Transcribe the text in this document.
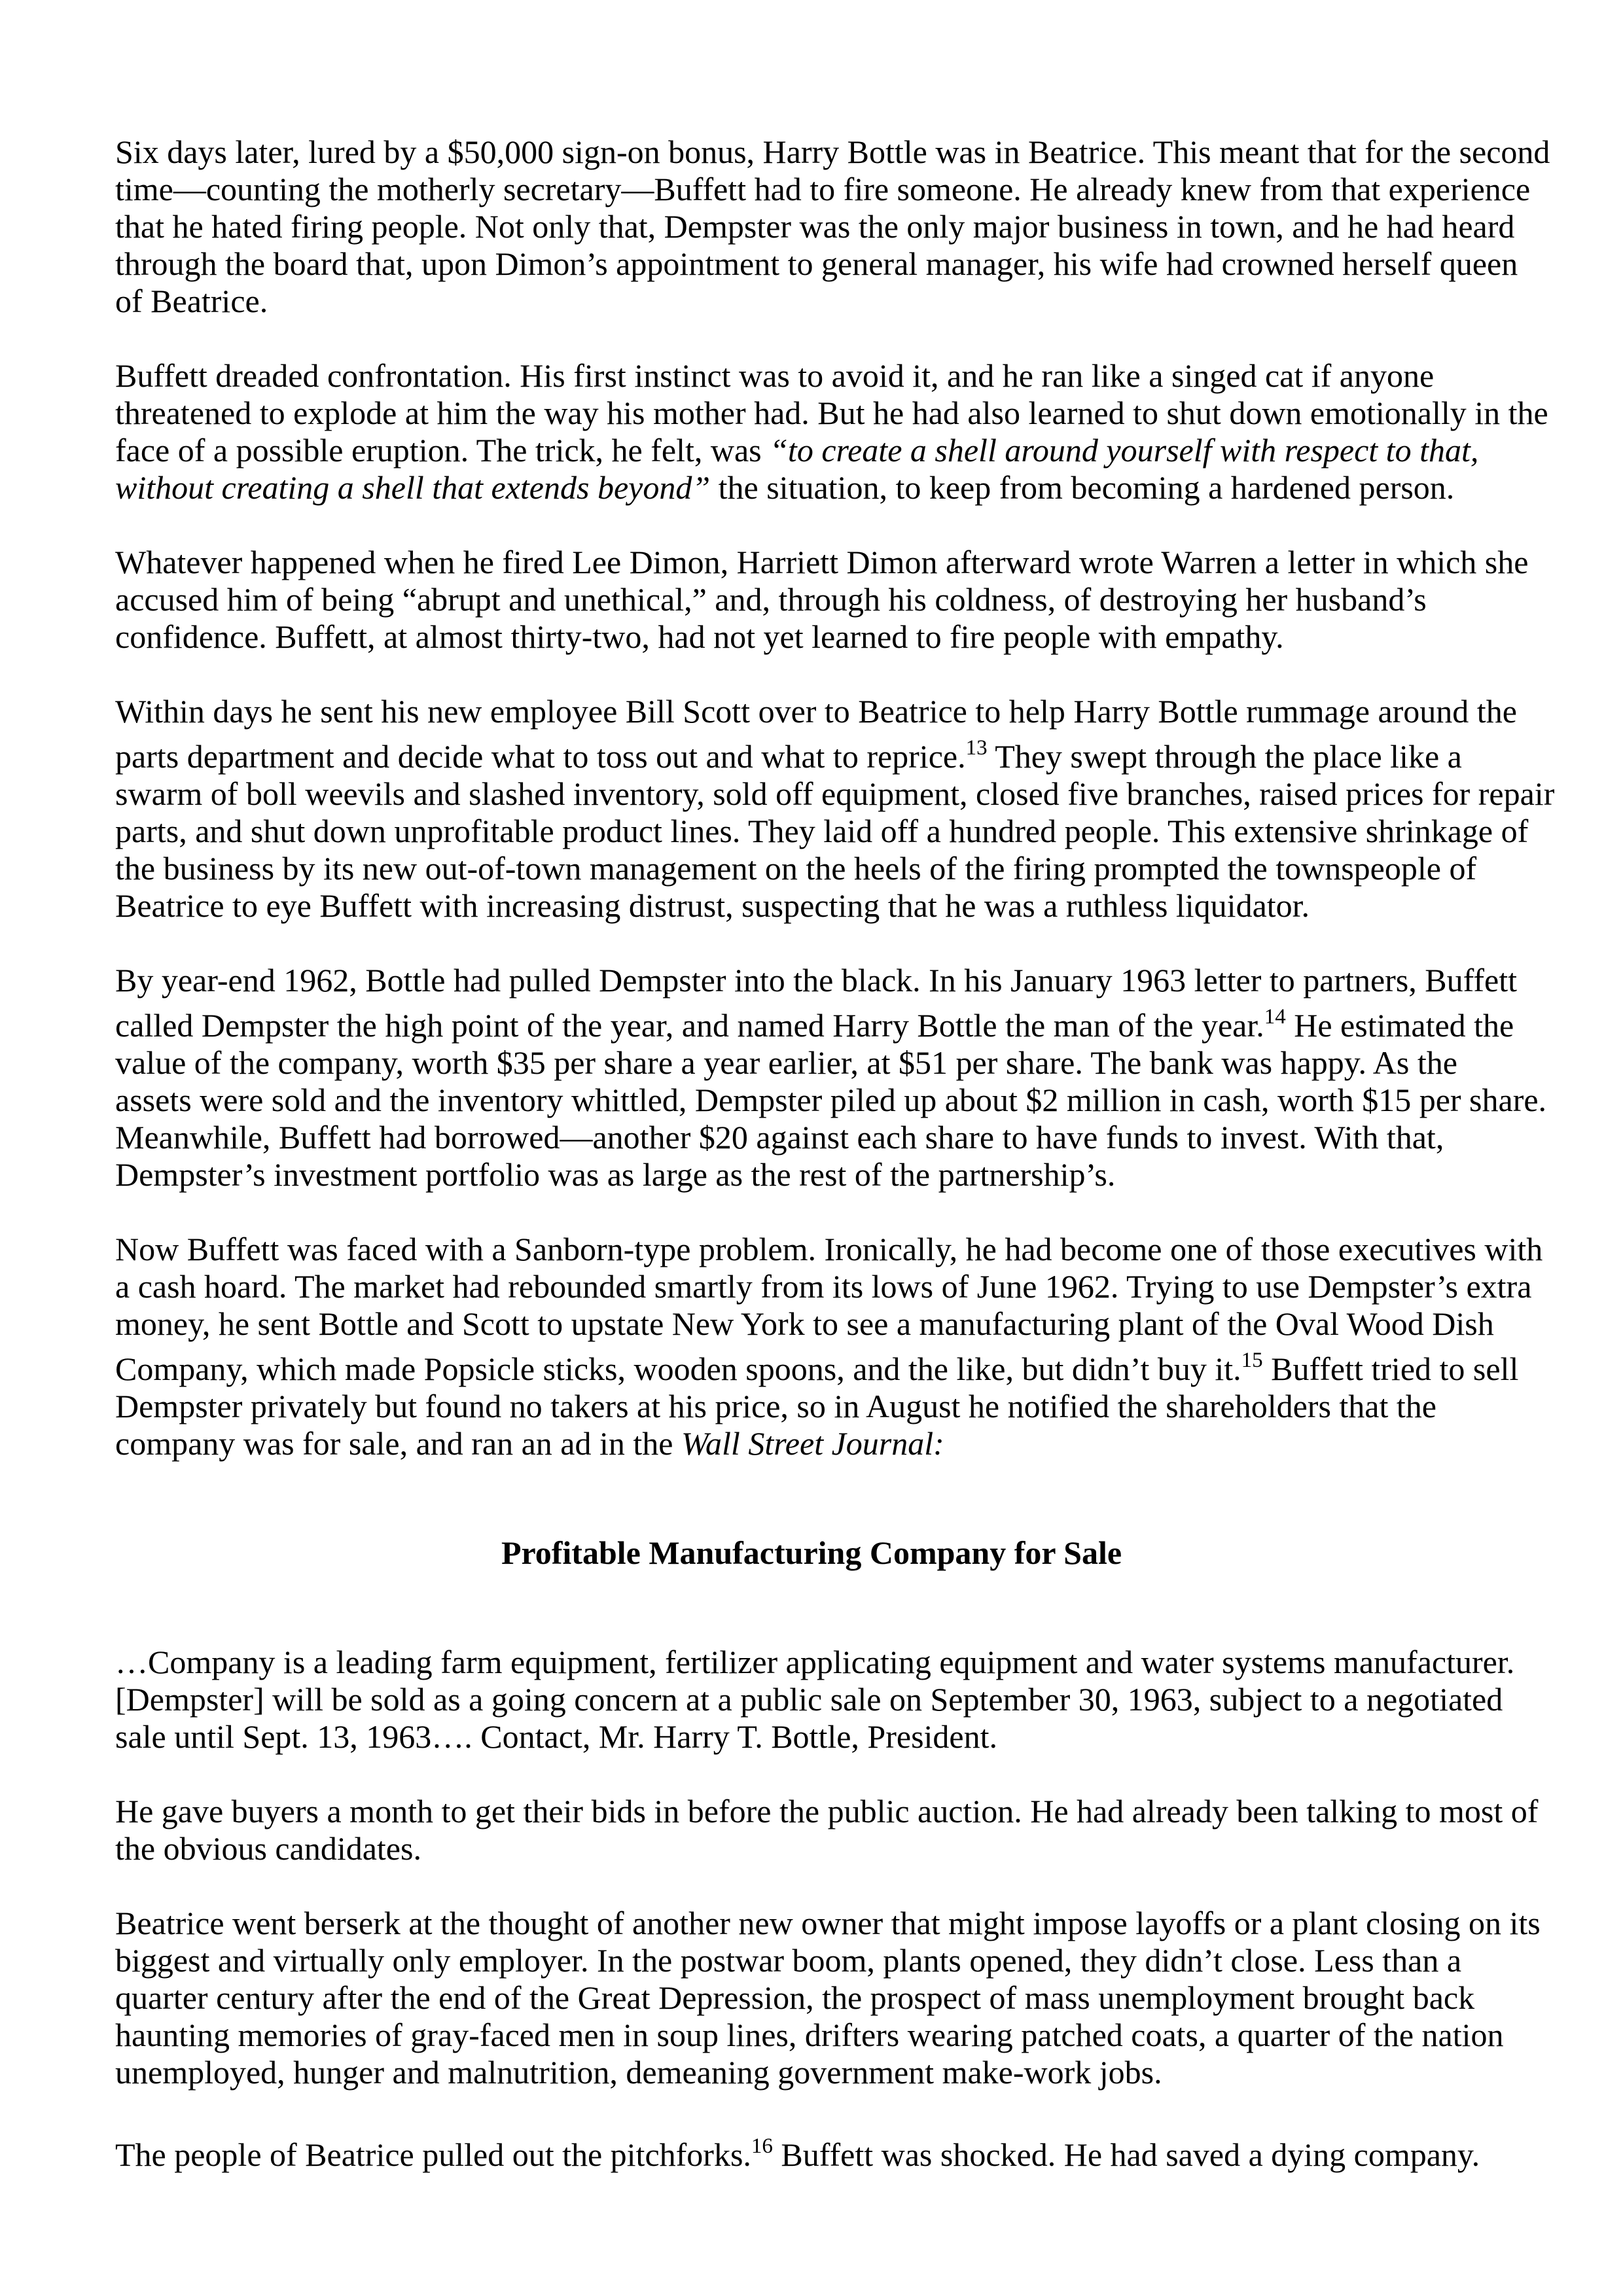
Six days later, lured by a $50,000 sign-on bonus, Harry Bottle was in Beatrice. This meant that for the second
time—counting the motherly secretary—Buffett had to fire someone. He already knew from that experience
that he hated firing people. Not only that, Dempster was the only major business in town, and he had heard
through the board that, upon Dimon’s appointment to general manager, his wife had crowned herself queen
of Beatrice.
Buffett dreaded confrontation. His first instinct was to avoid it, and he ran like a singed cat if anyone
threatened to explode at him the way his mother had. But he had also learned to shut down emotionally in the
face of a possible eruption. The trick, he felt, was “to create a shell around yourself with respect to that,
without creating a shell that extends beyond” the situation, to keep from becoming a hardened person.
Whatever happened when he fired Lee Dimon, Harriett Dimon afterward wrote Warren a letter in which she
accused him of being “abrupt and unethical,” and, through his coldness, of destroying her husband’s
confidence. Buffett, at almost thirty-two, had not yet learned to fire people with empathy.
Within days he sent his new employee Bill Scott over to Beatrice to help Harry Bottle rummage around the
parts department and decide what to toss out and what to reprice.$^{13}$ They swept through the place like a
swarm of boll weevils and slashed inventory, sold off equipment, closed five branches, raised prices for repair
parts, and shut down unprofitable product lines. They laid off a hundred people. This extensive shrinkage of
the business by its new out-of-town management on the heels of the firing prompted the townspeople of
Beatrice to eye Buffett with increasing distrust, suspecting that he was a ruthless liquidator.
By year-end 1962, Bottle had pulled Dempster into the black. In his January 1963 letter to partners, Buffett
called Dempster the high point of the year, and named Harry Bottle the man of the year.$^{14}$ He estimated the
value of the company, worth $35 per share a year earlier, at $51 per share. The bank was happy. As the
assets were sold and the inventory whittled, Dempster piled up about $2 million in cash, worth $15 per share.
Meanwhile, Buffett had borrowed—another $20 against each share to have funds to invest. With that,
Dempster’s investment portfolio was as large as the rest of the partnership’s.
Now Buffett was faced with a Sanborn-type problem. Ironically, he had become one of those executives with
a cash hoard. The market had rebounded smartly from its lows of June 1962. Trying to use Dempster’s extra
money, he sent Bottle and Scott to upstate New York to see a manufacturing plant of the Oval Wood Dish
Company, which made Popsicle sticks, wooden spoons, and the like, but didn’t buy it.$^{15}$ Buffett tried to sell
Dempster privately but found no takers at his price, so in August he notified the shareholders that the
company was for sale, and ran an ad in the Wall Street Journal:
Profitable Manufacturing Company for Sale
…Company is a leading farm equipment, fertilizer applicating equipment and water systems manufacturer.
[Dempster] will be sold as a going concern at a public sale on September 30, 1963, subject to a negotiated
sale until Sept. 13, 1963…. Contact, Mr. Harry T. Bottle, President.
He gave buyers a month to get their bids in before the public auction. He had already been talking to most of
the obvious candidates.
Beatrice went berserk at the thought of another new owner that might impose layoffs or a plant closing on its
biggest and virtually only employer. In the postwar boom, plants opened, they didn’t close. Less than a
quarter century after the end of the Great Depression, the prospect of mass unemployment brought back
haunting memories of gray-faced men in soup lines, drifters wearing patched coats, a quarter of the nation
unemployed, hunger and malnutrition, demeaning government make-work jobs.
The people of Beatrice pulled out the pitchforks.$^{16}$ Buffett was shocked. He had saved a dying company.
